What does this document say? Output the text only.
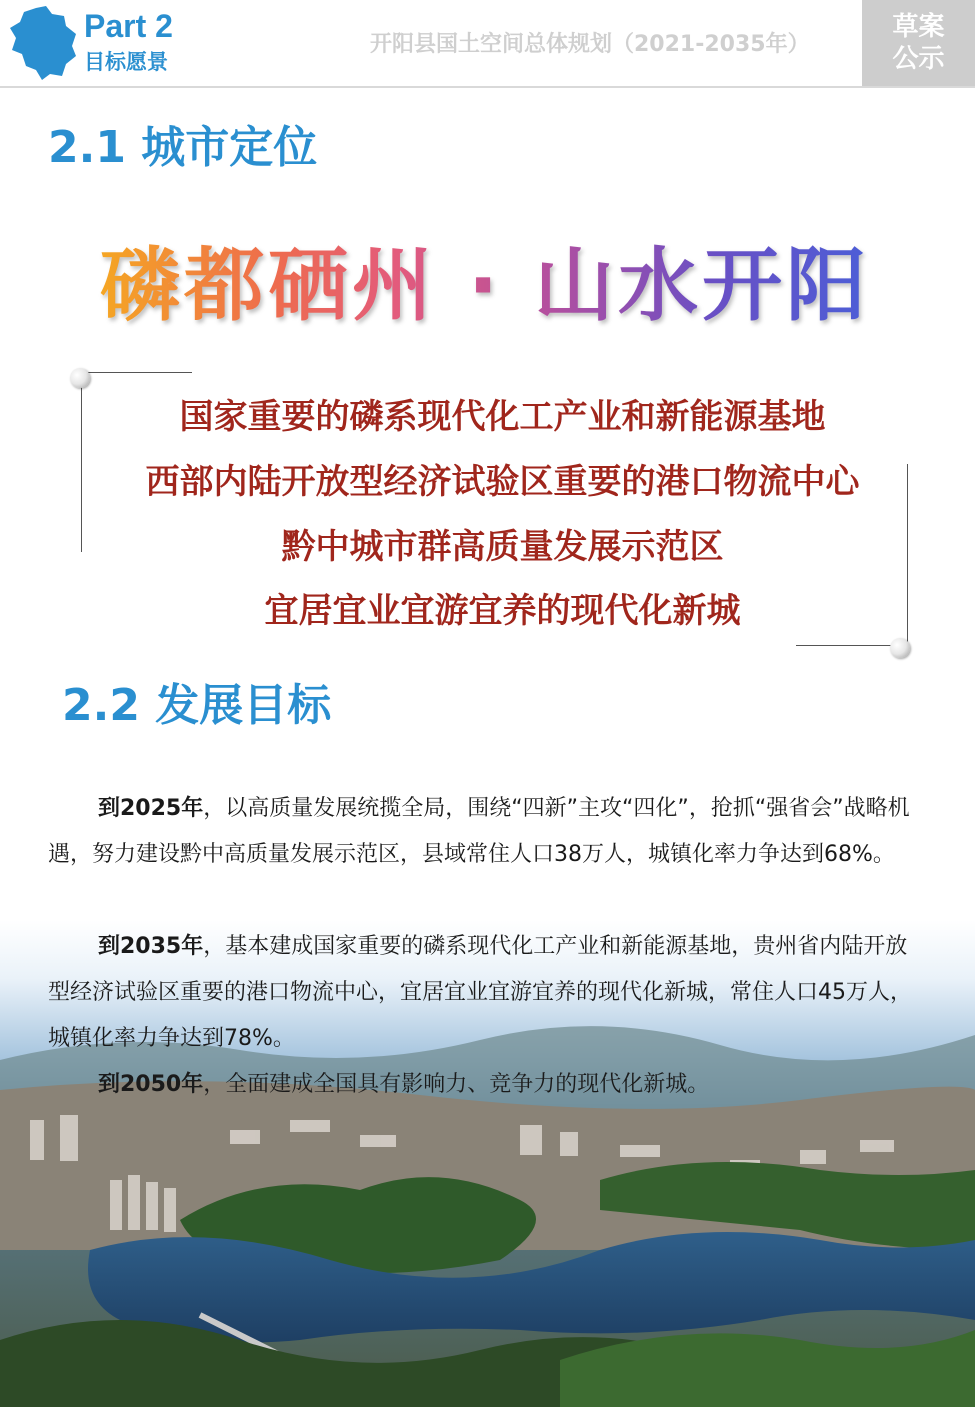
Part 2
目标愿景
开阳县国土空间总体规划（2021-2035年）
草案
公示
2.1 城市定位
磷都硒州 · 山水开阳
国家重要的磷系现代化工产业和新能源基地
西部内陆开放型经济试验区重要的港口物流中心
黔中城市群高质量发展示范区
宜居宜业宜游宜养的现代化新城
2.2 发展目标
到2025年，以高质量发展统揽全局，围绕“四新”主攻“四化”，抢抓“强省会”战略机遇，努力建设黔中高质量发展示范区，县域常住人口38万人，城镇化率力争达到68%。
到2035年，基本建成国家重要的磷系现代化工产业和新能源基地，贵州省内陆开放型经济试验区重要的港口物流中心，宜居宜业宜游宜养的现代化新城，常住人口45万人，城镇化率力争达到78%。
到2050年，全面建成全国具有影响力、竞争力的现代化新城。
